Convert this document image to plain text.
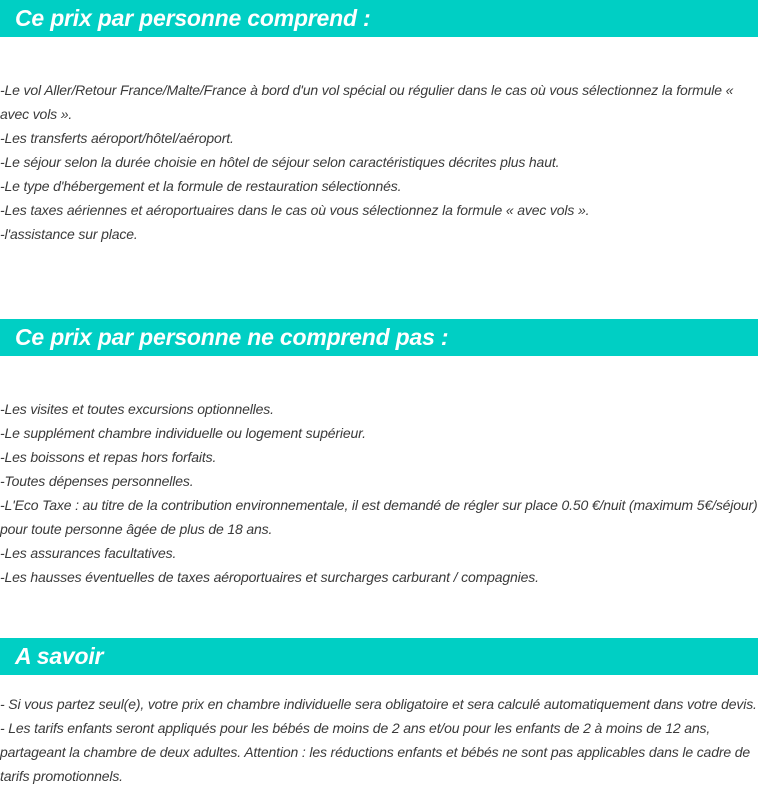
Ce prix par personne comprend :
-Le vol Aller/Retour France/Malte/France à bord d'un vol spécial ou régulier dans le cas où vous sélectionnez la formule « avec vols ».
-Les transferts aéroport/hôtel/aéroport.
-Le séjour selon la durée choisie en hôtel de séjour selon caractéristiques décrites plus haut.
-Le type d'hébergement et la formule de restauration sélectionnés.
-Les taxes aériennes et aéroportuaires dans le cas où vous sélectionnez la formule « avec vols ».
-l'assistance sur place.
Ce prix par personne ne comprend pas :
-Les visites et toutes excursions optionnelles.
-Le supplément chambre individuelle ou logement supérieur.
-Les boissons et repas hors forfaits.
-Toutes dépenses personnelles.
-L'Eco Taxe : au titre de la contribution environnementale, il est demandé de régler sur place 0.50 €/nuit (maximum 5€/séjour) pour toute personne âgée de plus de 18 ans.
-Les assurances facultatives.
-Les hausses éventuelles de taxes aéroportuaires et surcharges carburant / compagnies.
A savoir
- Si vous partez seul(e), votre prix en chambre individuelle sera obligatoire et sera calculé automatiquement dans votre devis.
- Les tarifs enfants seront appliqués pour les bébés de moins de 2 ans et/ou pour les enfants de 2 à moins de 12 ans, partageant la chambre de deux adultes. Attention : les réductions enfants et bébés ne sont pas applicables dans le cadre de tarifs promotionnels.
